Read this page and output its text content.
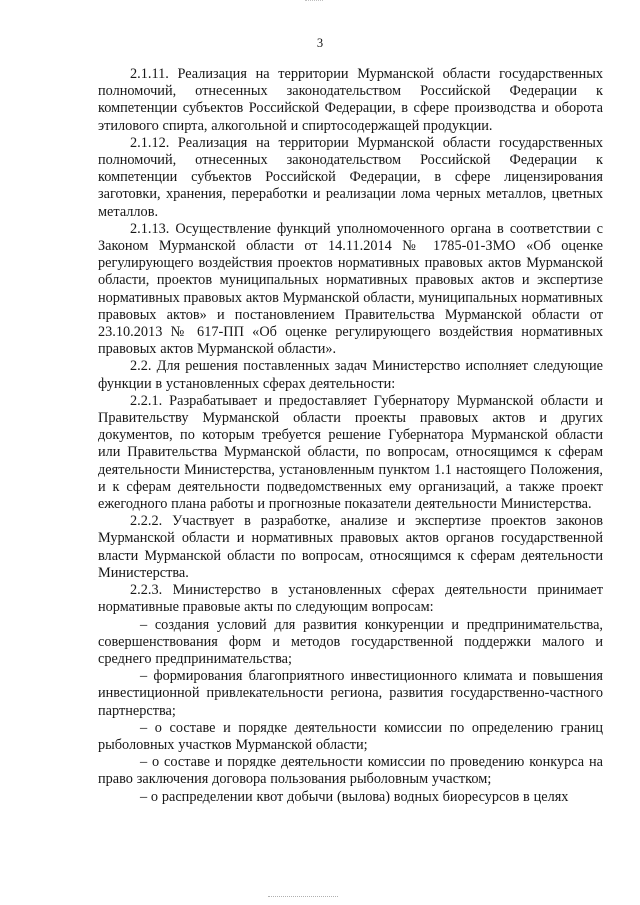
3

2.1.11. Реализация на территории Мурманской области государственных полномочий, отнесенных законодательством Российской Федерации к компетенции субъектов Российской Федерации, в сфере производства и оборота этилового спирта, алкогольной и спиртосодержащей продукции.

2.1.12. Реализация на территории Мурманской области государственных полномочий, отнесенных законодательством Российской Федерации к компетенции субъектов Российской Федерации, в сфере лицензирования заготовки, хранения, переработки и реализации лома черных металлов, цветных металлов.

2.1.13. Осуществление функций уполномоченного органа в соответствии с Законом Мурманской области от 14.11.2014 № 1785-01-ЗМО «Об оценке регулирующего воздействия проектов нормативных правовых актов Мурманской области, проектов муниципальных нормативных правовых актов и экспертизе нормативных правовых актов Мурманской области, муниципальных нормативных правовых актов» и постановлением Правительства Мурманской области от 23.10.2013 № 617-ПП «Об оценке регулирующего воздействия нормативных правовых актов Мурманской области».

2.2. Для решения поставленных задач Министерство исполняет следующие функции в установленных сферах деятельности:

2.2.1. Разрабатывает и предоставляет Губернатору Мурманской области и Правительству Мурманской области проекты правовых актов и других документов, по которым требуется решение Губернатора Мурманской области или Правительства Мурманской области, по вопросам, относящимся к сферам деятельности Министерства, установленным пунктом 1.1 настоящего Положения, и к сферам деятельности подведомственных ему организаций, а также проект ежегодного плана работы и прогнозные показатели деятельности Министерства.

2.2.2. Участвует в разработке, анализе и экспертизе проектов законов Мурманской области и нормативных правовых актов органов государственной власти Мурманской области по вопросам, относящимся к сферам деятельности Министерства.

2.2.3. Министерство в установленных сферах деятельности принимает нормативные правовые акты по следующим вопросам:

– создания условий для развития конкуренции и предпринимательства, совершенствования форм и методов государственной поддержки малого и среднего предпринимательства;

– формирования благоприятного инвестиционного климата и повышения инвестиционной привлекательности региона, развития государственно-частного партнерства;

– о составе и порядке деятельности комиссии по определению границ рыболовных участков Мурманской области;

– о составе и порядке деятельности комиссии по проведению конкурса на право заключения договора пользования рыболовным участком;

– о распределении квот добычи (вылова) водных биоресурсов в целях
